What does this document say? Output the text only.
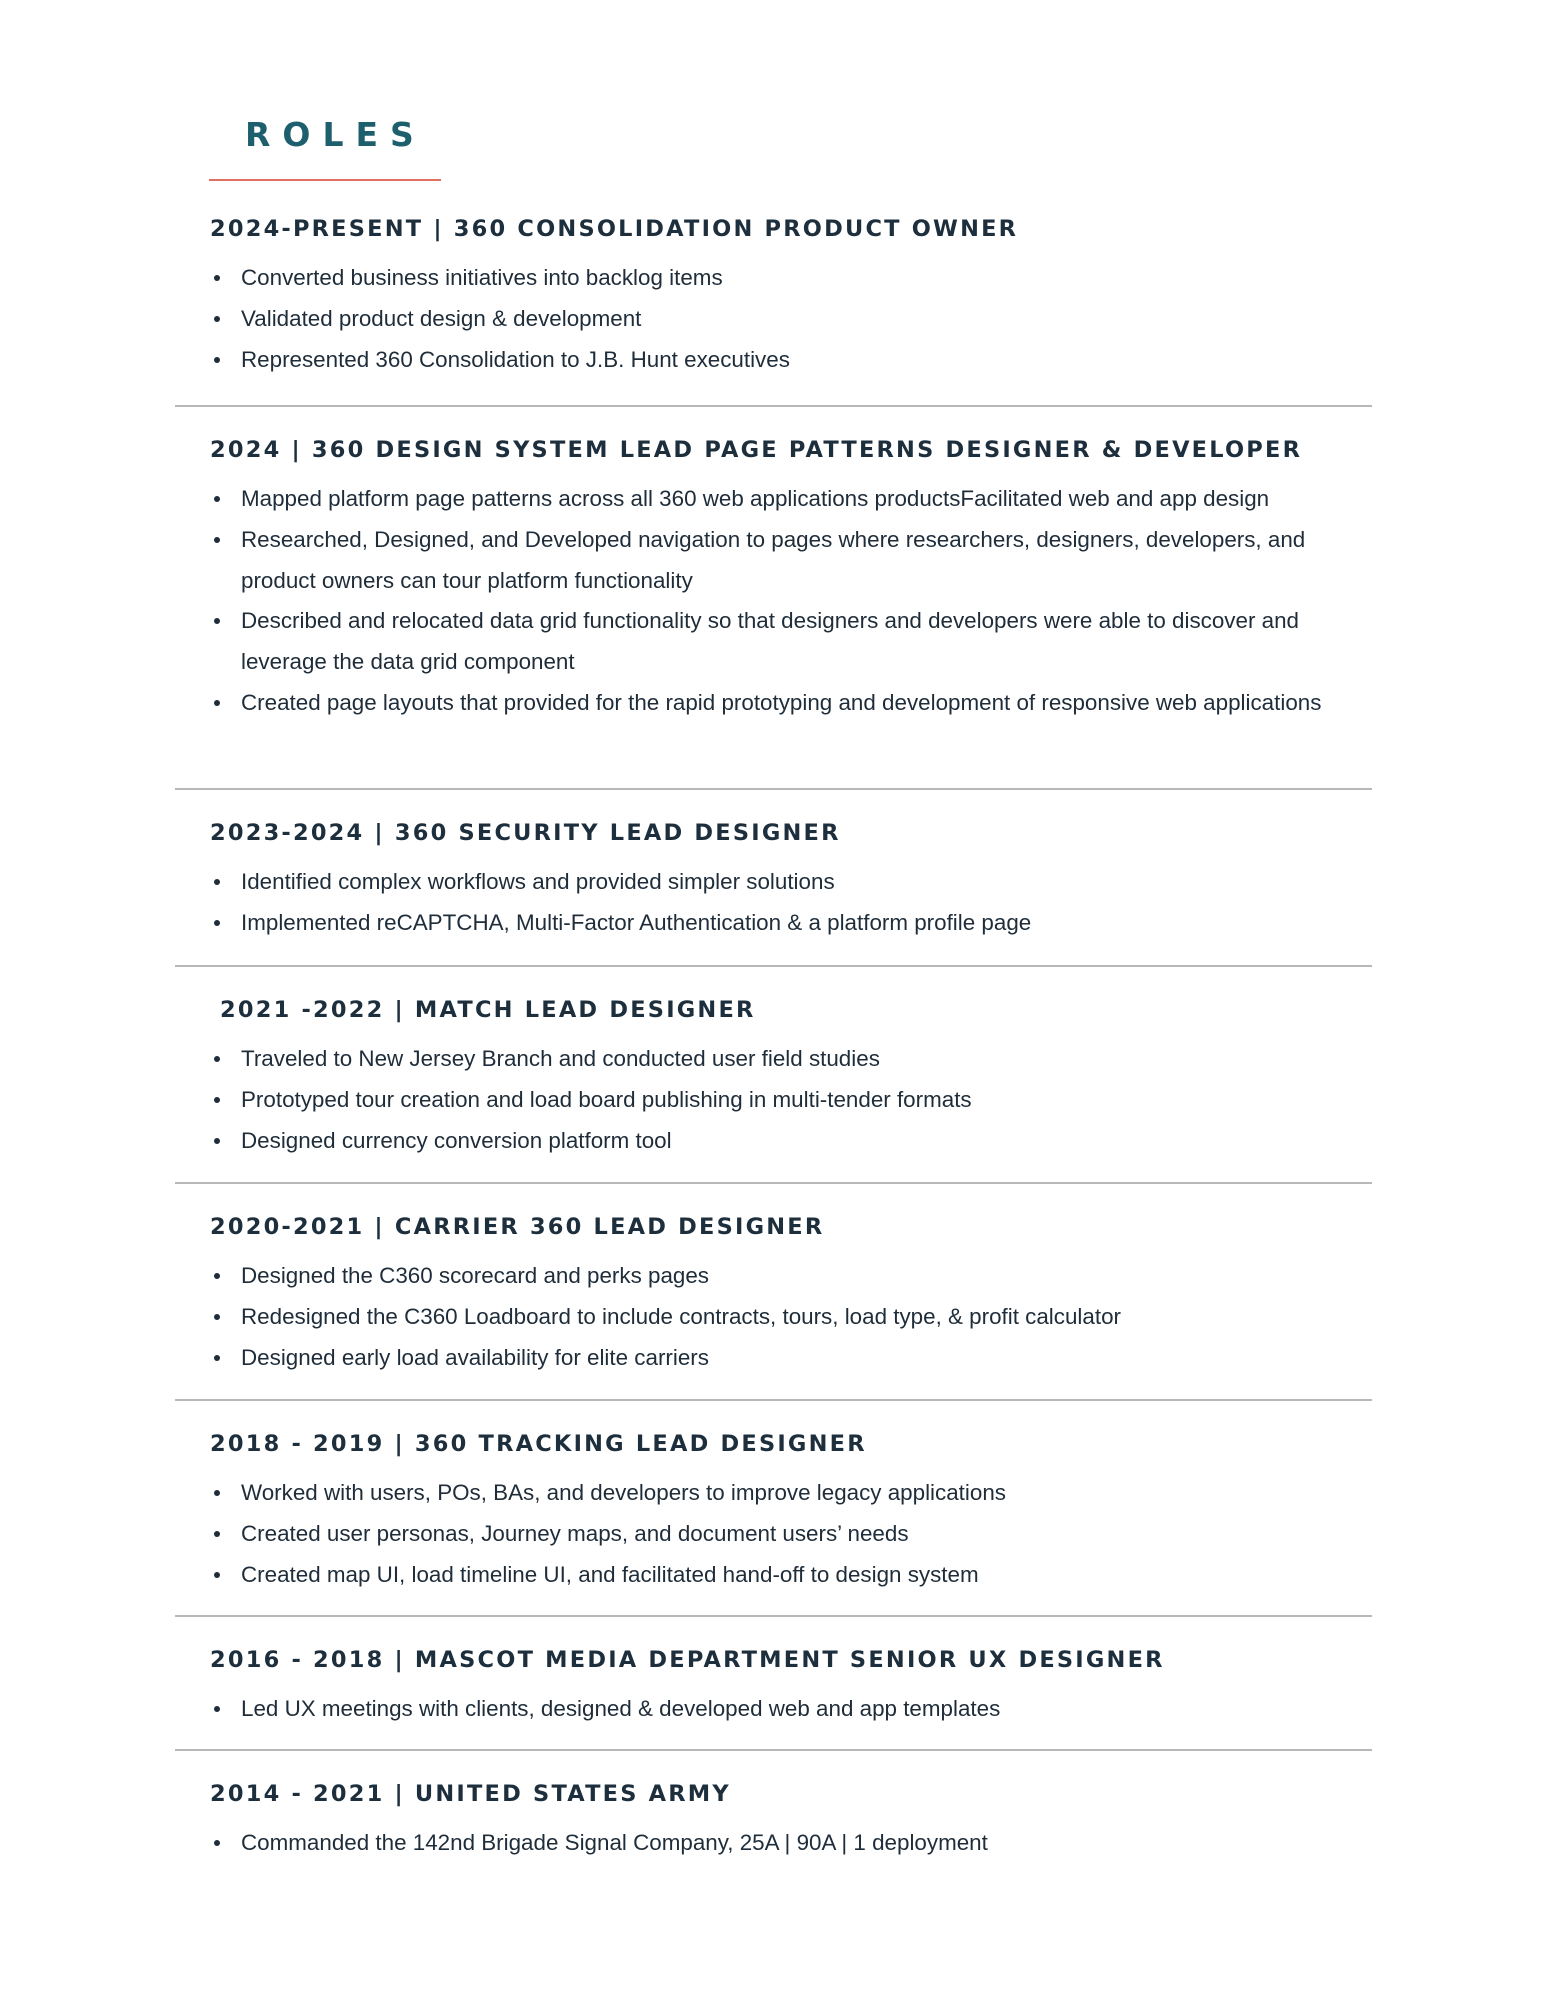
ROLES
2024-PRESENT | 360 CONSOLIDATION PRODUCT OWNER
Converted business initiatives into backlog items
Validated product design & development
Represented 360 Consolidation to J.B. Hunt executives
2024 | 360 DESIGN SYSTEM LEAD PAGE PATTERNS DESIGNER & DEVELOPER
Mapped platform page patterns across all 360 web applications productsFacilitated web and app design
Researched, Designed, and Developed navigation to pages where researchers, designers, developers, and product owners can tour platform functionality
Described and relocated data grid functionality so that designers and developers were able to discover and leverage the data grid component
Created page layouts that provided for the rapid prototyping and development of responsive web applications
2023-2024 | 360 SECURITY LEAD DESIGNER
Identified complex workflows and provided simpler solutions
Implemented reCAPTCHA, Multi-Factor Authentication & a platform profile page
2021 -2022 | MATCH LEAD DESIGNER
Traveled to New Jersey Branch and conducted user field studies
Prototyped tour creation and load board publishing in multi-tender formats
Designed currency conversion platform tool
2020-2021 | CARRIER 360 LEAD DESIGNER
Designed the C360 scorecard and perks pages
Redesigned the C360 Loadboard to include contracts, tours, load type, & profit calculator
Designed early load availability for elite carriers
2018 - 2019 | 360 TRACKING LEAD DESIGNER
Worked with users, POs, BAs, and developers to improve legacy applications
Created user personas, Journey maps, and document users’ needs
Created map UI, load timeline UI, and facilitated hand-off to design system
2016 - 2018 | MASCOT MEDIA DEPARTMENT SENIOR UX DESIGNER
Led UX meetings with clients, designed & developed web and app templates
2014 - 2021 | UNITED STATES ARMY
Commanded the 142nd Brigade Signal Company, 25A | 90A | 1 deployment
